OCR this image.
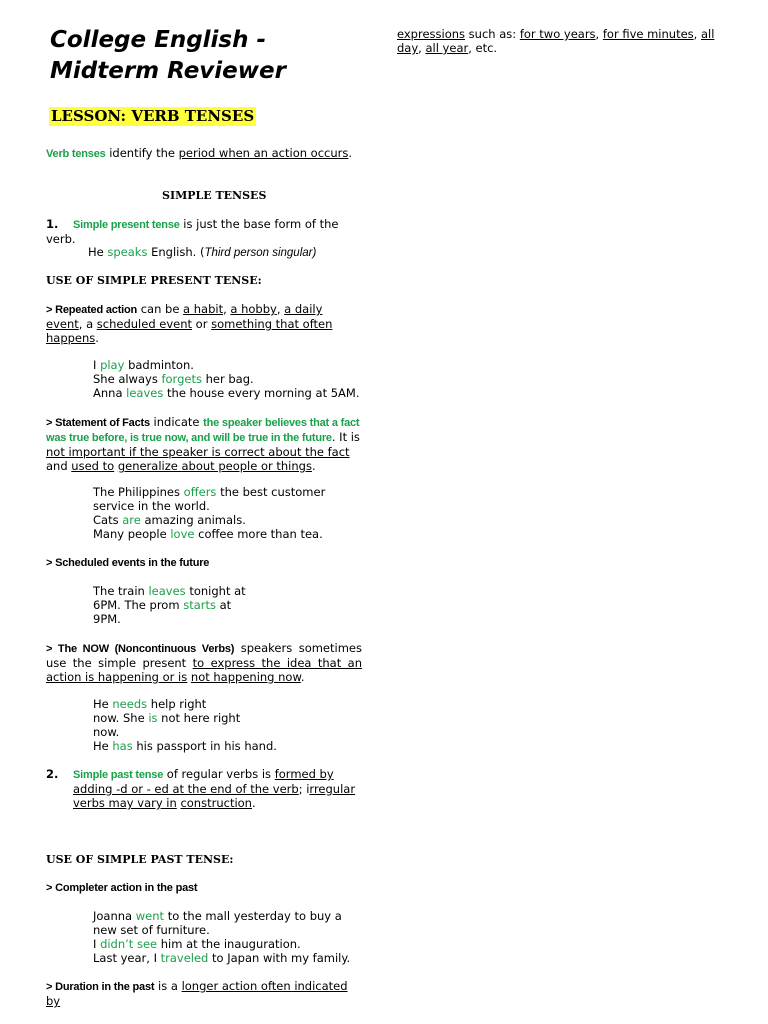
College English -
Midterm Reviewer
LESSON: VERB TENSES
Verb tenses identify the period when an action occurs.
SIMPLE TENSES
1. Simple present tense is just the base form of the verb.
He speaks English. (Third person singular)
USE OF SIMPLE PRESENT TENSE:
> Repeated action can be a habit, a hobby, a daily event, a scheduled event or something that often happens.
I play badminton.
She always forgets her bag.
Anna leaves the house every morning at 5AM.
> Statement of Facts indicate the speaker believes that a fact was true before, is true now, and will be true in the future. It is not important if the speaker is correct about the fact and used to generalize about people or things.
The Philippines offers the best customer service in the world.
Cats are amazing animals.
Many people love coffee more than tea.
> Scheduled events in the future
The train leaves tonight at
6PM. The prom starts at
9PM.
> The NOW (Noncontinuous Verbs) speakers sometimes use the simple present to express the idea that an action is happening or is not happening now.
He needs help right
now. She is not here right
now.
He has his passport in his hand.
2.	Simple past tense of regular verbs is formed by adding -d or - ed at the end of the verb; irregular verbs may vary in construction.
USE OF SIMPLE PAST TENSE:
> Completer action in the past
Joanna went to the mall yesterday to buy a new set of furniture.
I didn’t see him at the inauguration.
Last year, I traveled to Japan with my family.
> Duration in the past is a longer action often indicated by
expressions such as: for two years, for five minutes, all day, all year, etc.
